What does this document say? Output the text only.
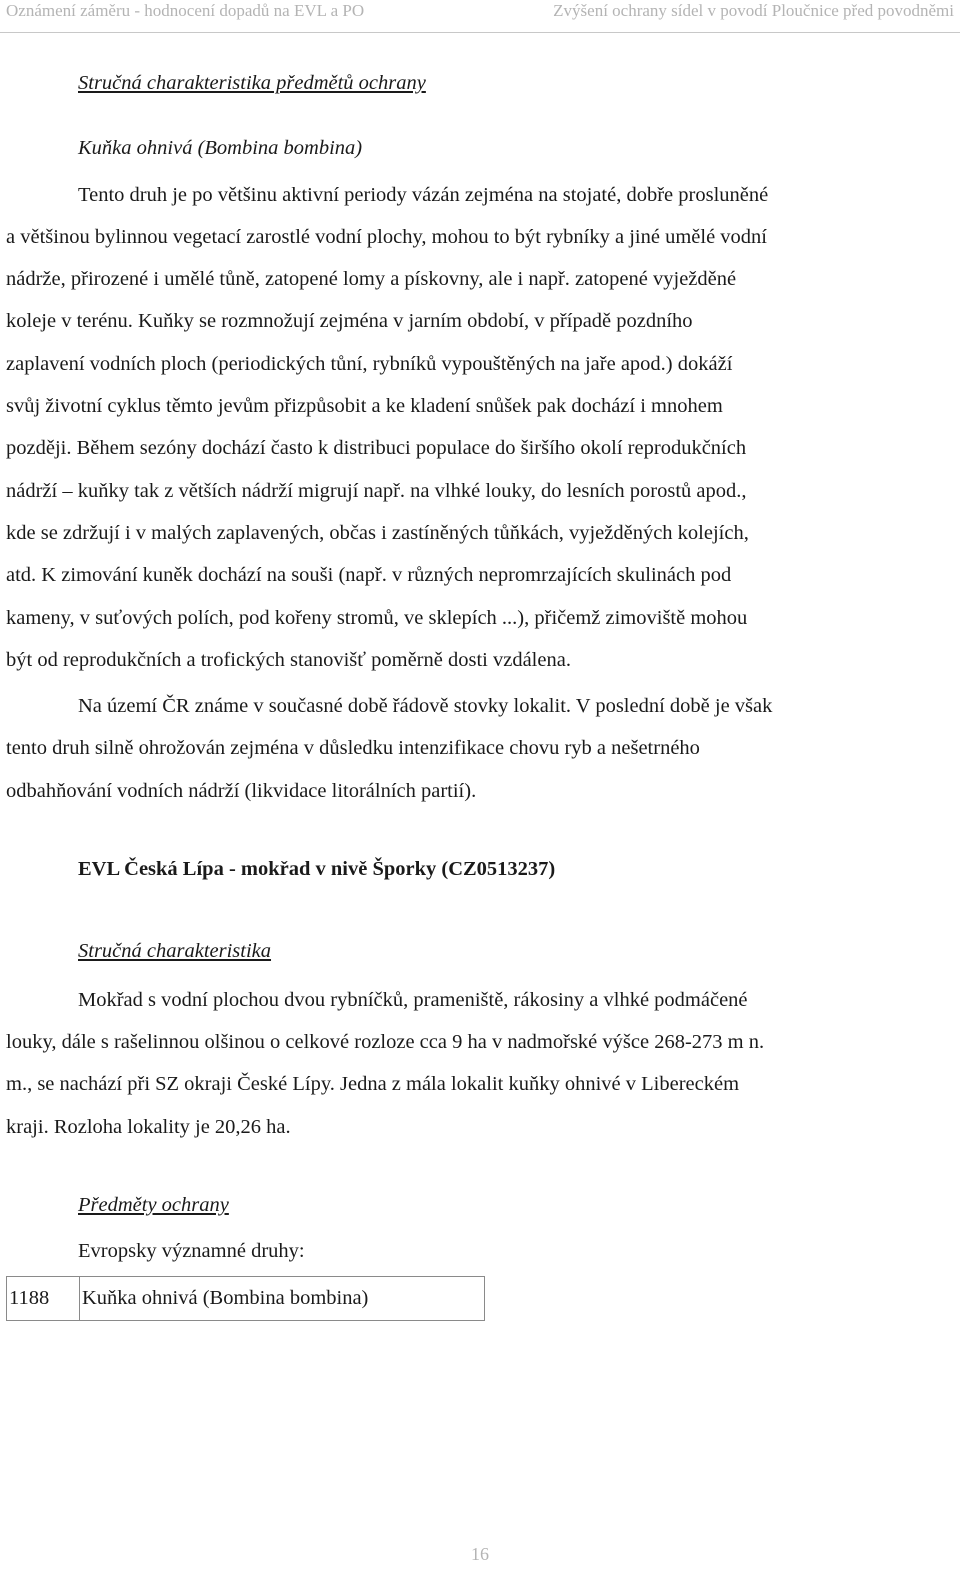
Oznámení záměru - hodnocení dopadů na EVL a PO	Zvýšení ochrany sídel v povodí Ploučnice před povodněmi

Stručná charakteristika předmětů ochrany

Kuňka ohnivá (Bombina bombina)

Tento druh je po většinu aktivní periody vázán zejména na stojaté, dobře prosluněné

a většinou bylinnou vegetací zarostlé vodní plochy, mohou to být rybníky a jiné umělé vodní

nádrže, přirozené i umělé tůně, zatopené lomy a pískovny, ale i např. zatopené vyježděné

koleje v terénu. Kuňky se rozmnožují zejména v jarním období, v případě pozdního

zaplavení vodních ploch (periodických tůní, rybníků vypouštěných na jaře apod.) dokáží

svůj životní cyklus těmto jevům přizpůsobit a ke kladení snůšek pak dochází i mnohem

později. Během sezóny dochází často k distribuci populace do širšího okolí reprodukčních

nádrží – kuňky tak z větších nádrží migrují např. na vlhké louky, do lesních porostů apod.,

kde se zdržují i v malých zaplavených, občas i zastíněných tůňkách, vyježděných kolejích,

atd. K zimování kuněk dochází na souši (např. v různých nepromrzajících skulinách pod

kameny, v suťových polích, pod kořeny stromů, ve sklepích ...), přičemž zimoviště mohou

být od reprodukčních a trofických stanovišť poměrně dosti vzdálena.

Na území ČR známe v současné době řádově stovky lokalit. V poslední době je však

tento druh silně ohrožován zejména v důsledku intenzifikace chovu ryb a nešetrného

odbahňování vodních nádrží (likvidace litorálních partií).

EVL Česká Lípa - mokřad v nivě Šporky (CZ0513237)

Stručná charakteristika

Mokřad s vodní plochou dvou rybníčků, prameniště, rákosiny a vlhké podmáčené

louky, dále s rašelinnou olšinou o celkové rozloze cca 9 ha v nadmořské výšce 268-273 m n.

m., se nachází při SZ okraji České Lípy. Jedna z mála lokalit kuňky ohnivé v Libereckém

kraji. Rozloha lokality je 20,26 ha.

Předměty ochrany

Evropsky významné druhy:

1188	Kuňka ohnivá (Bombina bombina)
16
